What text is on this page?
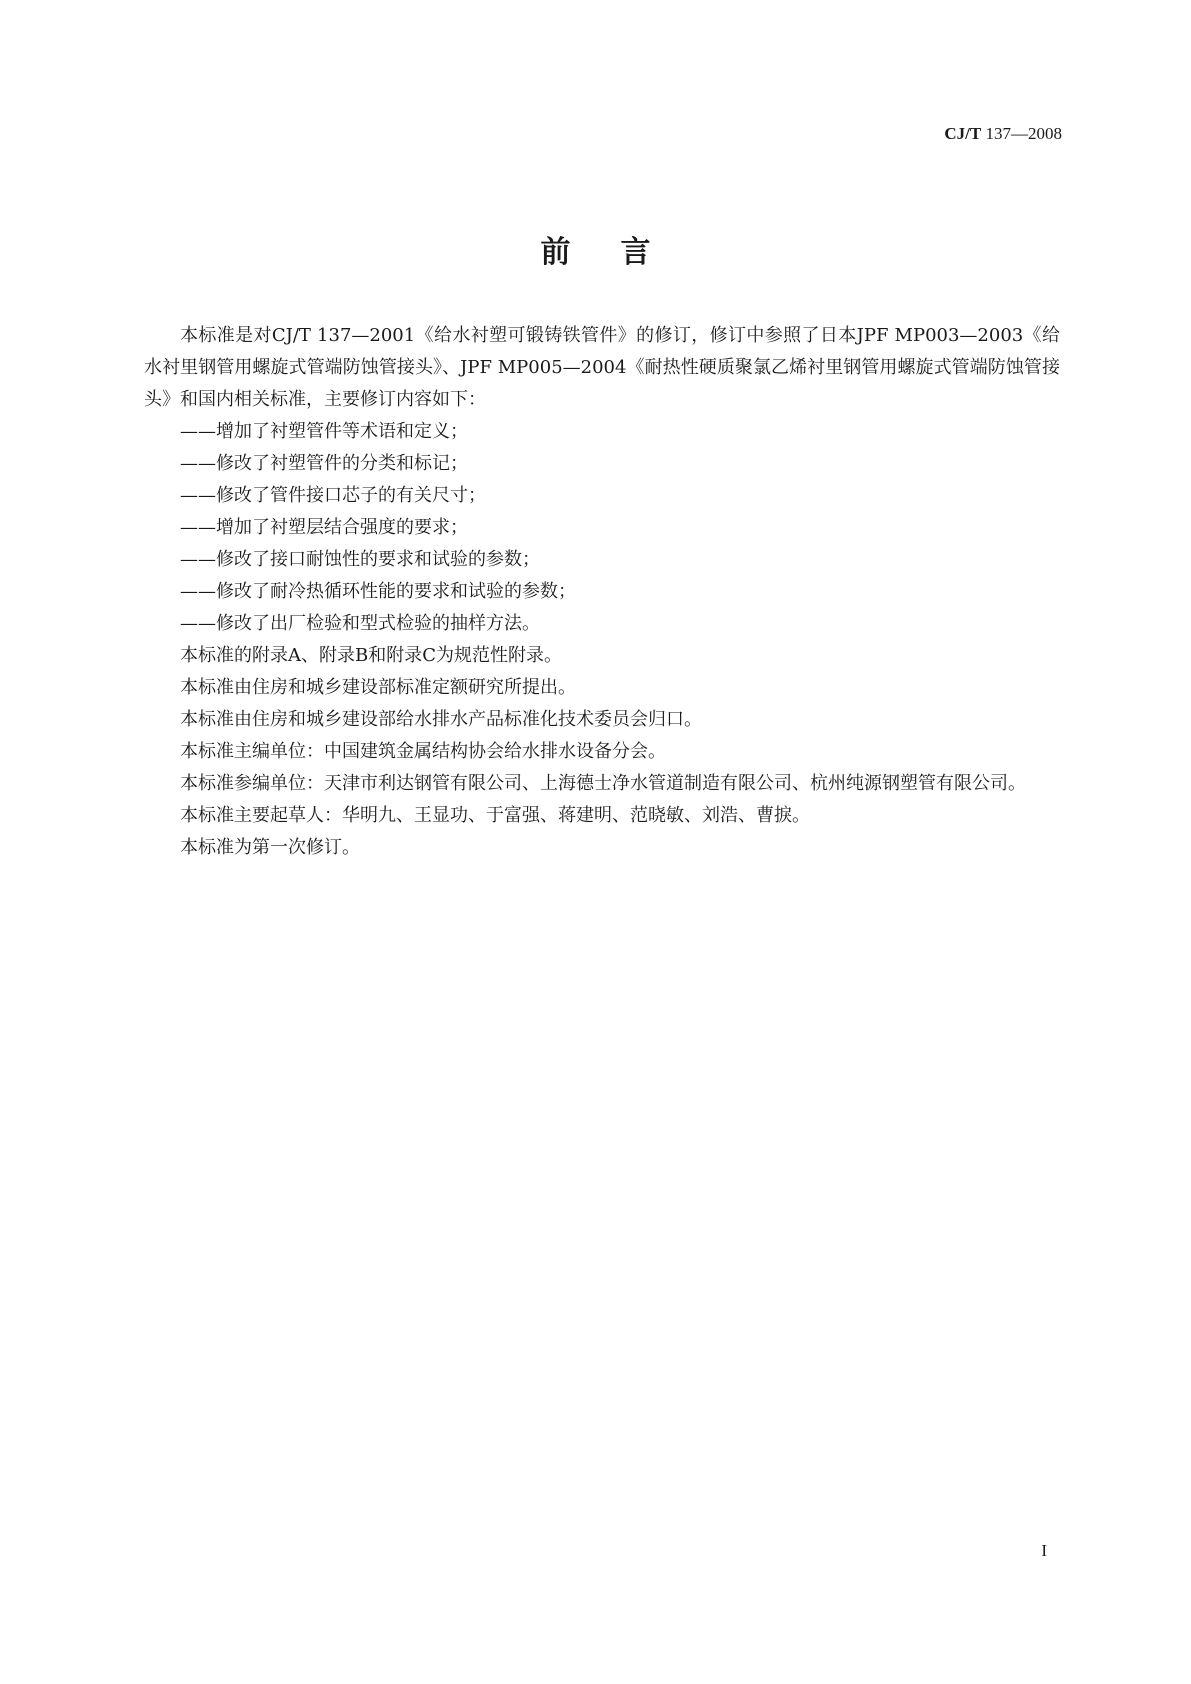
CJ/T 137—2008
前言

本标准是对CJ/T 137—2001《给水衬塑可锻铸铁管件》的修订，修订中参照了日本JPF MP003—2003《给水衬里钢管用螺旋式管端防蚀管接头》、JPF MP005—2004《耐热性硬质聚氯乙烯衬里钢管用螺旋式管端防蚀管接头》和国内相关标准，主要修订内容如下：

——增加了衬塑管件等术语和定义；

——修改了衬塑管件的分类和标记；

——修改了管件接口芯子的有关尺寸；

——增加了衬塑层结合强度的要求；

——修改了接口耐蚀性的要求和试验的参数；

——修改了耐冷热循环性能的要求和试验的参数；

——修改了出厂检验和型式检验的抽样方法。

本标准的附录A、附录B和附录C为规范性附录。

本标准由住房和城乡建设部标准定额研究所提出。

本标准由住房和城乡建设部给水排水产品标准化技术委员会归口。

本标准主编单位：中国建筑金属结构协会给水排水设备分会。

本标准参编单位：天津市利达钢管有限公司、上海德士净水管道制造有限公司、杭州纯源钢塑管有限公司。

本标准主要起草人：华明九、王显功、于富强、蒋建明、范晓敏、刘浩、曹捩。

本标准为第一次修订。

I
